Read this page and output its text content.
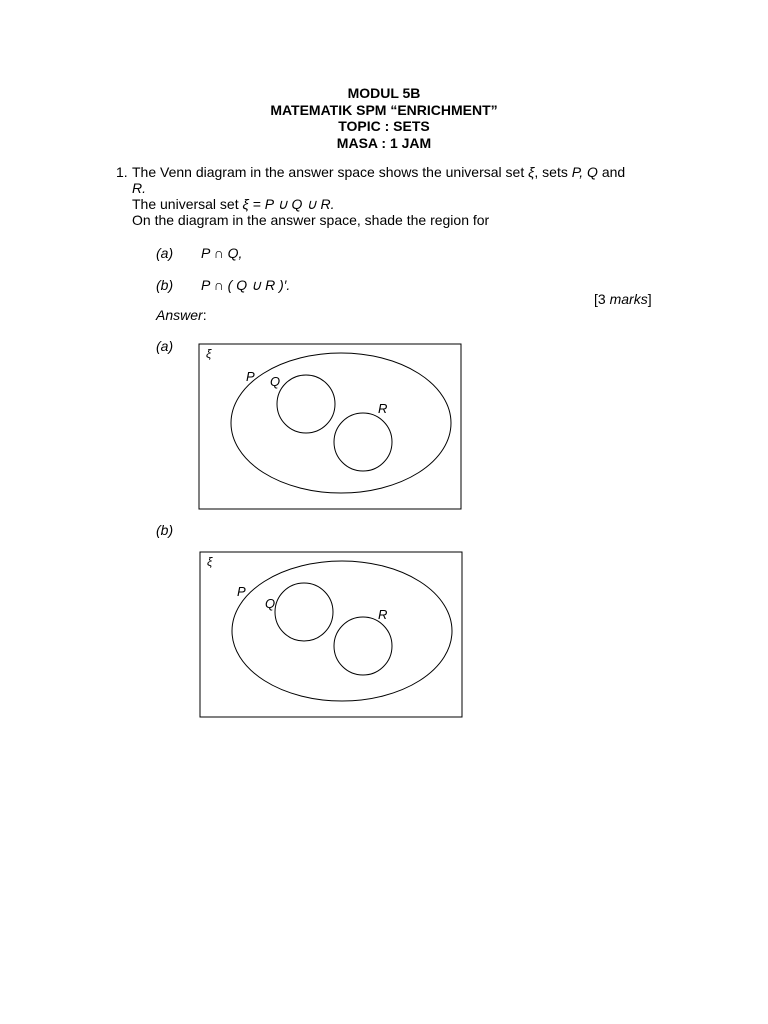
MODUL 5B
MATEMATIK SPM “ENRICHMENT”
TOPIC : SETS
MASA : 1 JAM
1. The Venn diagram in the answer space shows the universal set ξ, sets P, Q and
R.
The universal set ξ = P ∪ Q ∪ R.
On the diagram in the answer space, shade the region for
(a) P ∩ Q,
(b) P ∩ ( Q ∪ R )′.
[3 marks]
Answer:
(a)	ξ
P Q
R
(b)
ξ
P
Q
R
